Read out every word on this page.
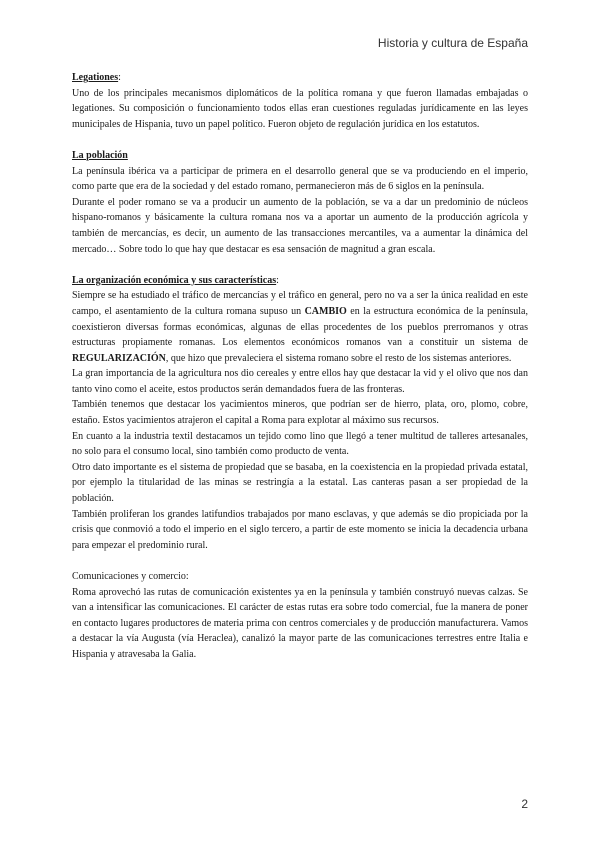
Historia y cultura de España

Legationes:

Uno de los principales mecanismos diplomáticos de la política romana y que fueron llamadas embajadas o legationes. Su composición o funcionamiento todos ellas eran cuestiones reguladas jurídicamente en las leyes municipales de Hispania, tuvo un papel político. Fueron objeto de regulación jurídica en los estatutos.

La población

La península ibérica va a participar de primera en el desarrollo general que se va produciendo en el imperio, como parte que era de la sociedad y del estado romano, permanecieron más de 6 siglos en la península.

Durante el poder romano se va a producir un aumento de la población, se va a dar un predominio de núcleos hispano-romanos y básicamente la cultura romana nos va a aportar un aumento de la producción agrícola y también de mercancías, es decir, un aumento de las transacciones mercantiles, va a aumentar la dinámica del mercado… Sobre todo lo que hay que destacar es esa sensación de magnitud a gran escala.

La organización económica y sus características:

Siempre se ha estudiado el tráfico de mercancías y el tráfico en general, pero no va a ser la única realidad en este campo, el asentamiento de la cultura romana supuso un CAMBIO en la estructura económica de la península, coexistieron diversas formas económicas, algunas de ellas procedentes de los pueblos prerromanos y otras estructuras propiamente romanas. Los elementos económicos romanos van a constituir un sistema de REGULARIZACIÓN, que hizo que prevaleciera el sistema romano sobre el resto de los sistemas anteriores.

La gran importancia de la agricultura nos dio cereales y entre ellos hay que destacar la vid y el olivo que nos dan tanto vino como el aceite, estos productos serán demandados fuera de las fronteras.

También tenemos que destacar los yacimientos mineros, que podrían ser de hierro, plata, oro, plomo, cobre, estaño. Estos yacimientos atrajeron el capital a Roma para explotar al máximo sus recursos.

En cuanto a la industria textil destacamos un tejido como lino que llegó a tener multitud de talleres artesanales, no solo para el consumo local, sino también como producto de venta.

Otro dato importante es el sistema de propiedad que se basaba, en la coexistencia en la propiedad privada estatal, por ejemplo la titularidad de las minas se restringía a la estatal. Las canteras pasan a ser propiedad de la población.

También proliferan los grandes latifundios trabajados por mano esclavas, y que además se dio propiciada por la crisis que conmovió a todo el imperio en el siglo tercero, a partir de este momento se inicia la decadencia urbana para empezar el predominio rural.

Comunicaciones y comercio:

Roma aprovechó las rutas de comunicación existentes ya en la península y también construyó nuevas calzas. Se van a intensificar las comunicaciones. El carácter de estas rutas era sobre todo comercial, fue la manera de poner en contacto lugares productores de materia prima con centros comerciales y de producción manufacturera. Vamos a destacar la vía Augusta (vía Heraclea), canalizó la mayor parte de las comunicaciones terrestres entre Italia e Hispania y atravesaba la Galia.

2
